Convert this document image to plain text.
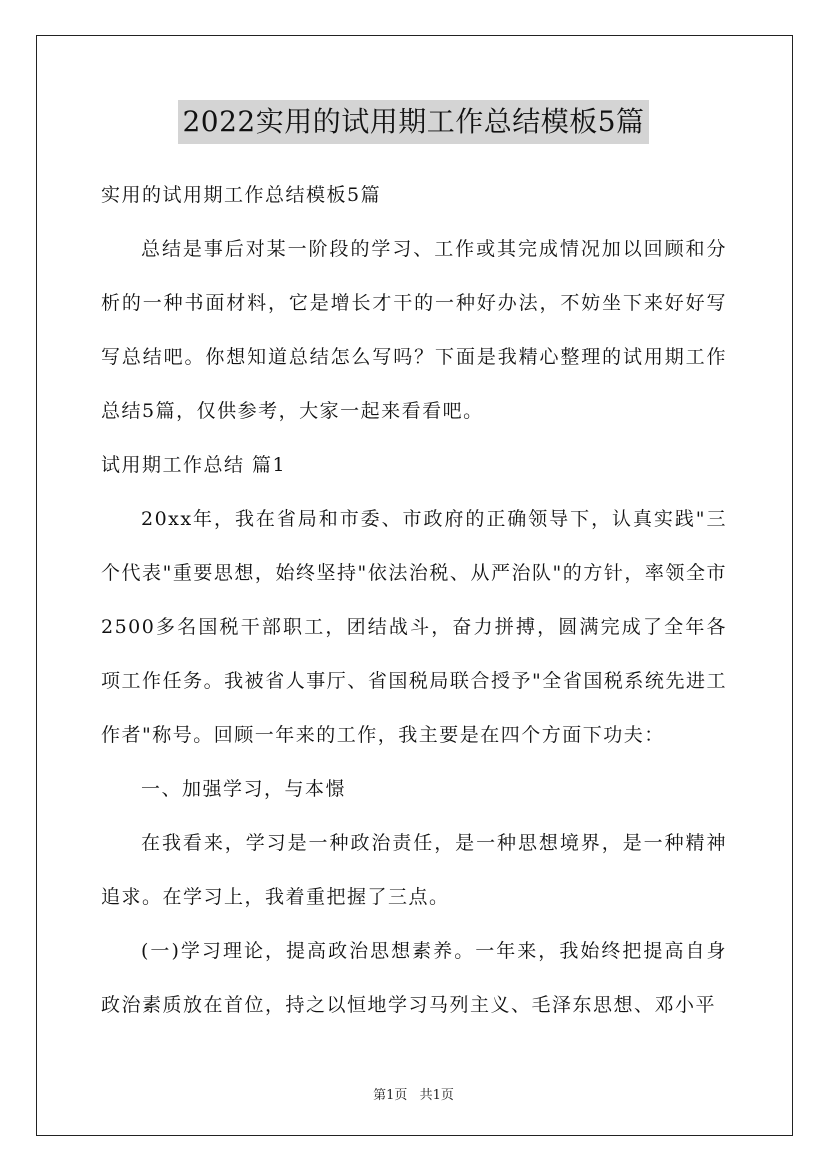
2022实用的试用期工作总结模板5篇

实用的试用期工作总结模板5篇

总结是事后对某一阶段的学习、工作或其完成情况加以回顾和分析的一种书面材料，它是增长才干的一种好办法，不妨坐下来好好写写总结吧。你想知道总结怎么写吗？下面是我精心整理的试用期工作总结5篇，仅供参考，大家一起来看看吧。

试用期工作总结 篇1

20xx年，我在省局和市委、市政府的正确领导下，认真实践"三个代表"重要思想，始终坚持"依法治税、从严治队"的方针，率领全市2500多名国税干部职工，团结战斗，奋力拼搏，圆满完成了全年各项工作任务。我被省人事厅、省国税局联合授予"全省国税系统先进工作者"称号。回顾一年来的工作，我主要是在四个方面下功夫：

一、加强学习，与本憬

在我看来，学习是一种政治责任，是一种思想境界，是一种精神追求。在学习上，我着重把握了三点。

(一)学习理论，提高政治思想素养。一年来，我始终把提高自身政治素质放在首位，持之以恒地学习马列主义、毛泽东思想、邓小平

第1页 共1页
